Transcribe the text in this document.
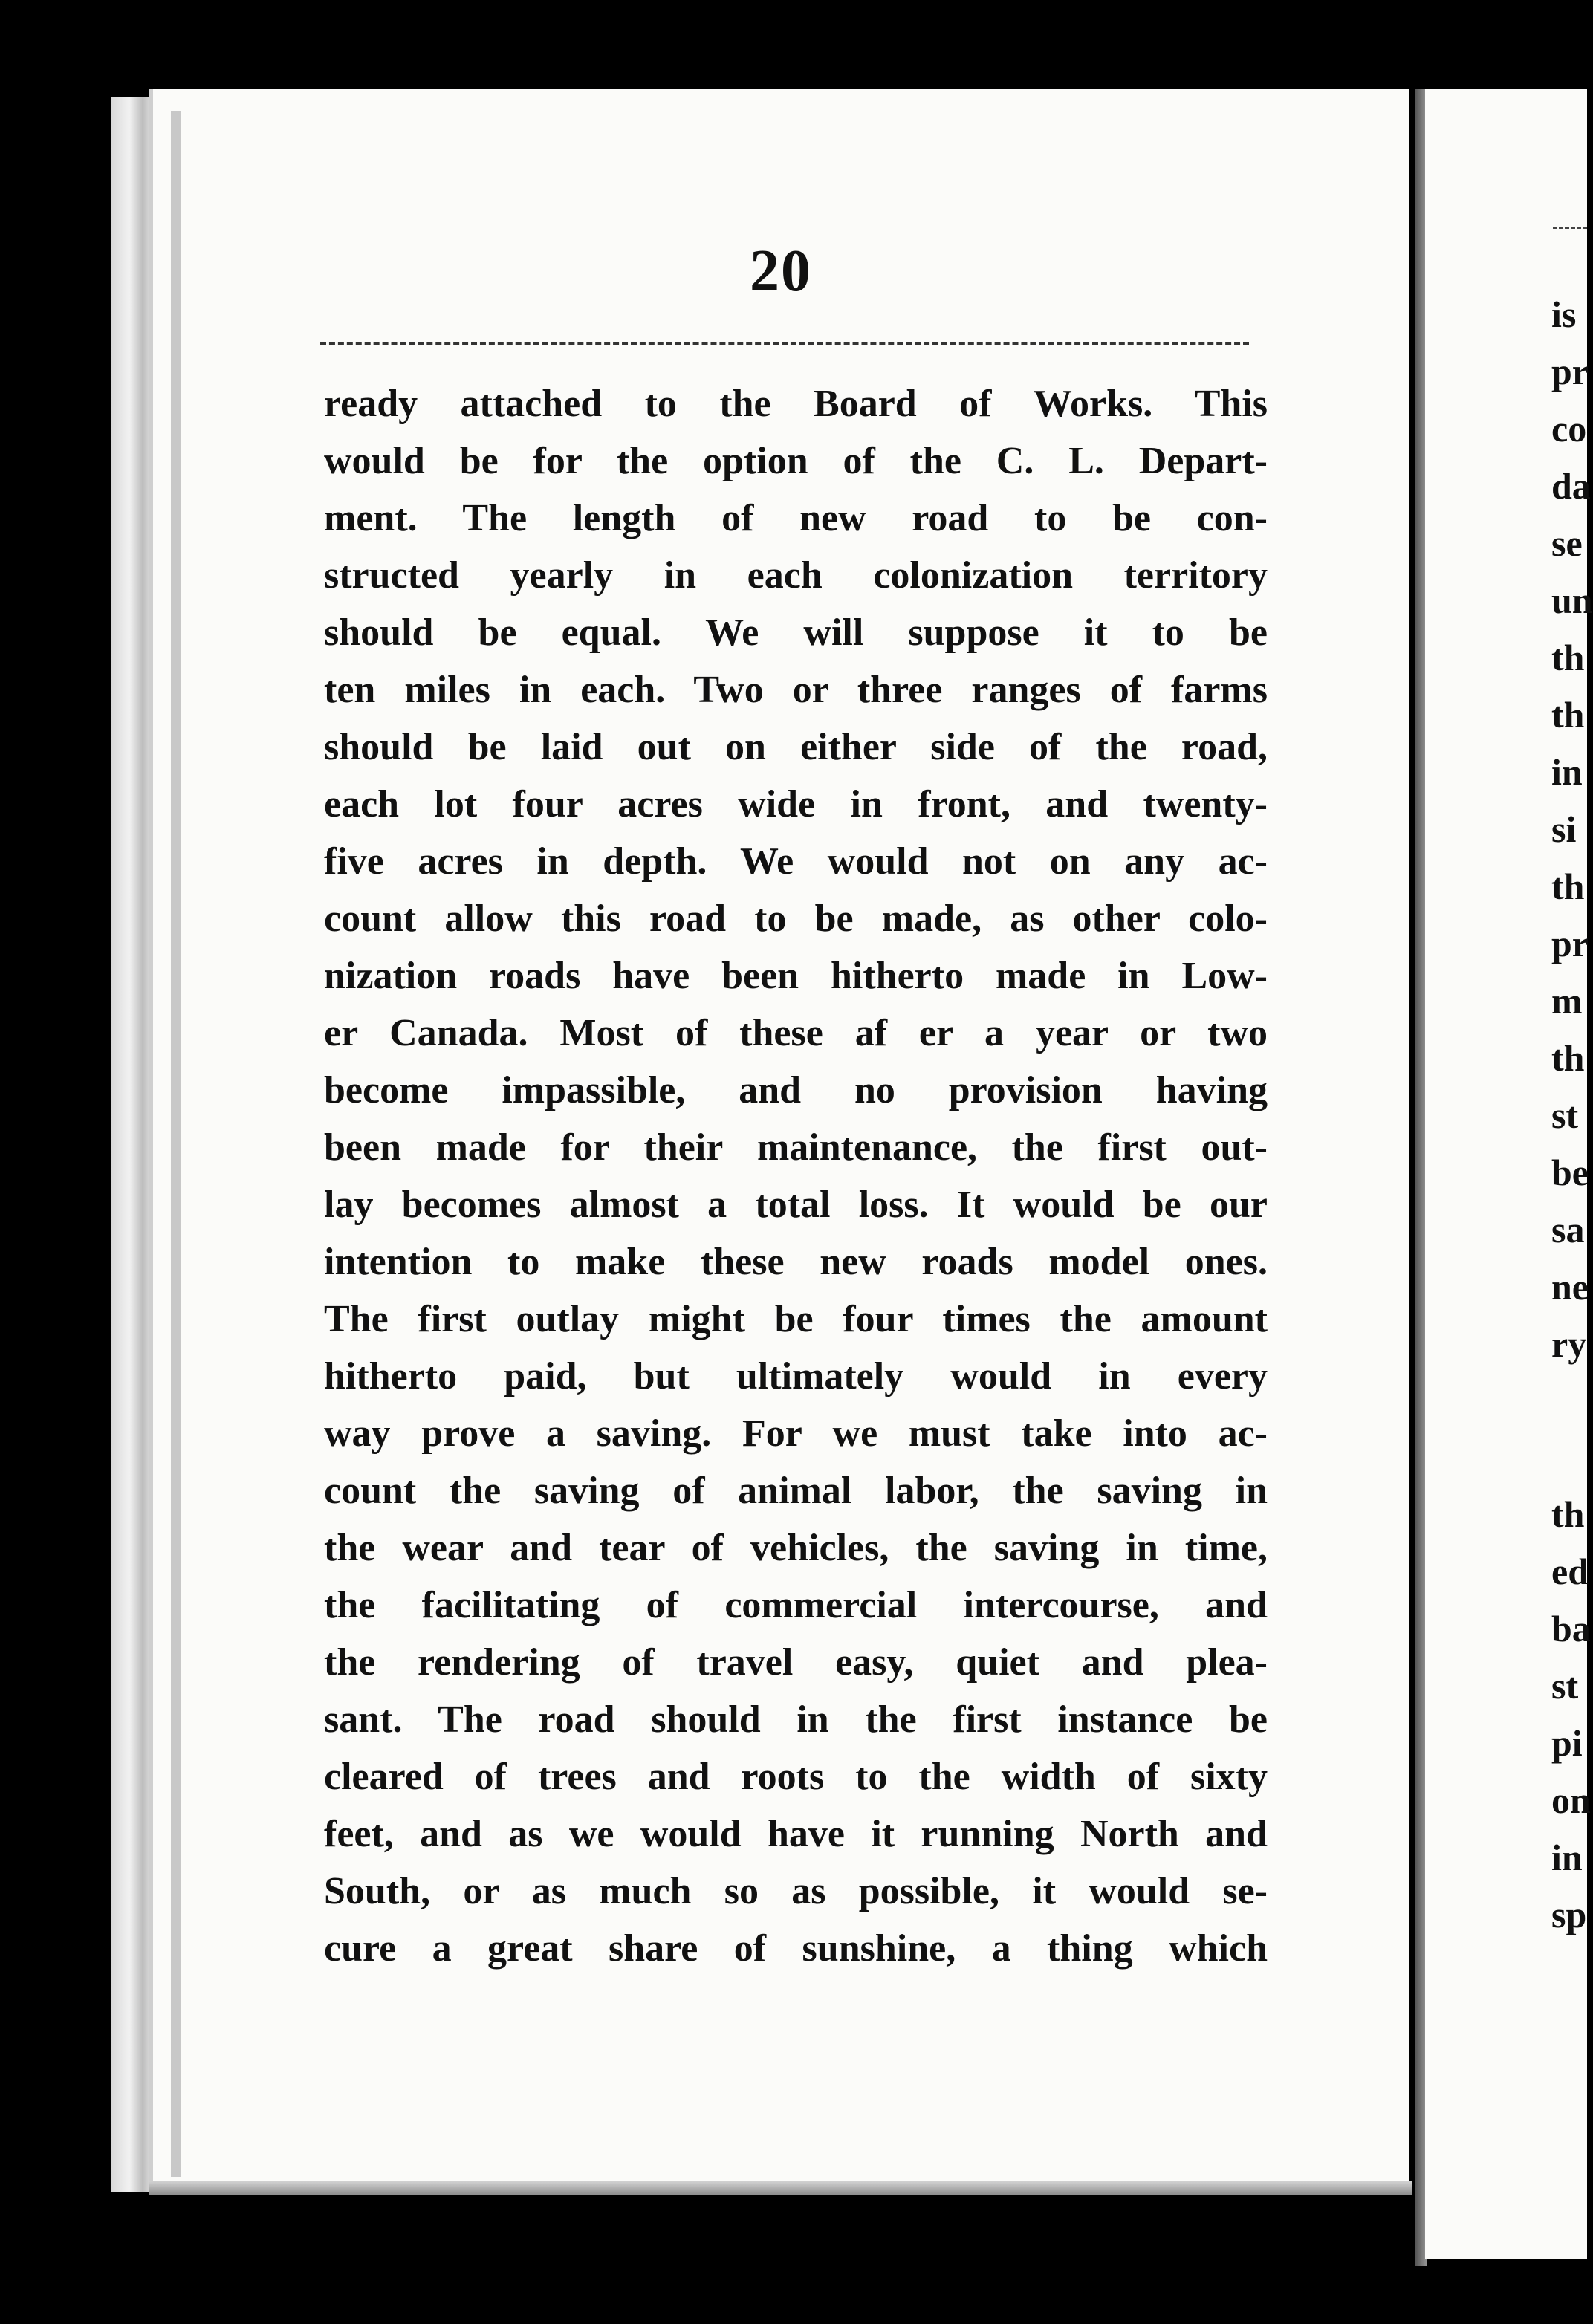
20
ready attached to the Board of Works. This
would be for the option of the C. L. Depart-
ment. The length of new road to be con-
structed yearly in each colonization territory
should be equal. We will suppose it to be
ten miles in each. Two or three ranges of farms
should be laid out on either side of the road,
each lot four acres wide in front, and twenty-
five acres in depth. We would not on any ac-
count allow this road to be made, as other colo-
nization roads have been hitherto made in Low-
er Canada. Most of these af er a year or two
become impassible, and no provision having
been made for their maintenance, the first out-
lay becomes almost a total loss. It would be our
intention to make these new roads model ones.
The first outlay might be four times the amount
hitherto paid, but ultimately would in every
way prove a saving. For we must take into ac-
count the saving of animal labor, the saving in
the wear and tear of vehicles, the saving in time,
the facilitating of commercial intercourse, and
the rendering of travel easy, quiet and plea-
sant. The road should in the first instance be
cleared of trees and roots to the width of sixty
feet, and as we would have it running North and
South, or as much so as possible, it would se-
cure a great share of sunshine, a thing which
is
pr
co
da
se
un
th
th
in
si
th
pr
m
th
st
be
sa
ne
ry
th
ed
ba
st
pi
on
in
sp
